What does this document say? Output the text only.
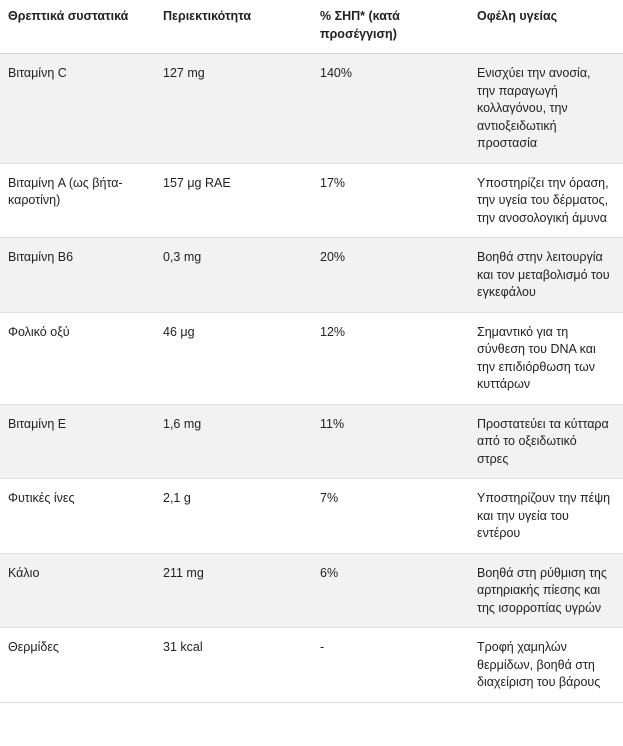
Θρεπτικά συστατικά	Περιεκτικότητα	% ΣΗΠ* (κατά προσέγγιση)	Οφέλη υγείας
Βιταμίνη C	127 mg	140%	Ενισχύει την ανοσία, την παραγωγή κολλαγόνου, την αντιοξειδωτική προστασία
Βιταμίνη A (ως βήτα-καροτίνη)	157 μg RAE	17%	Υποστηρίζει την όραση, την υγεία του δέρματος, την ανοσολογική άμυνα
Βιταμίνη B6	0,3 mg	20%	Βοηθά στην λειτουργία και τον μεταβολισμό του εγκεφάλου
Φολικό οξύ	46 μg	12%	Σημαντικό για τη σύνθεση του DNA και την επιδιόρθωση των κυττάρων
Βιταμίνη E	1,6 mg	11%	Προστατεύει τα κύτταρα από το οξειδωτικό στρες
Φυτικές ίνες	2,1 g	7%	Υποστηρίζουν την πέψη και την υγεία του εντέρου
Κάλιο	211 mg	6%	Βοηθά στη ρύθμιση της αρτηριακής πίεσης και της ισορροπίας υγρών
Θερμίδες	31 kcal	-	Τροφή χαμηλών θερμίδων, βοηθά στη διαχείριση του βάρους
